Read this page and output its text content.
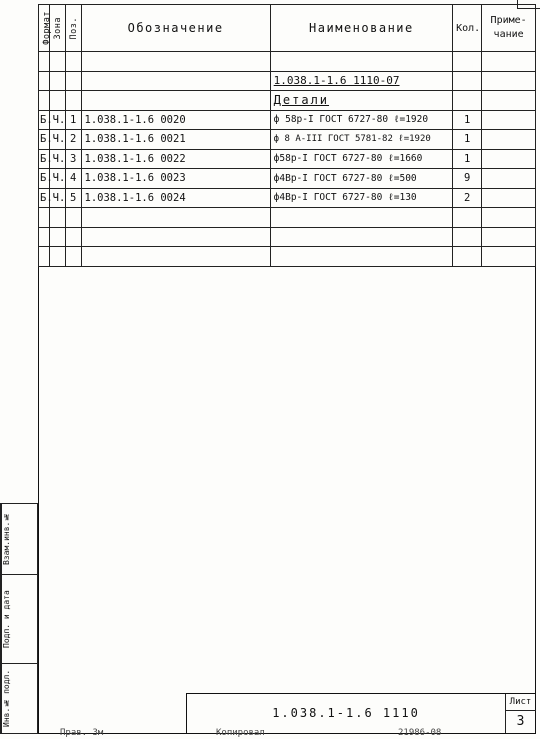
Формат	Зона	Поз.	Обозначение	Наименование	Кол.	Приме-чание

				1.038.1-1.6 1110-07		
				Детали		
Б.Ч.		1	1.038.1-1.6 0020	ф 58р-I ГОСТ 6727-80 ℓ=1920	1	
Б.Ч.		2	1.038.1-1.6 0021	ф 8 А-III ГОСТ 5781-82 ℓ=1920	1	
Б.Ч.		3	1.038.1-1.6 0022	ф58р-I ГОСТ 6727-80 ℓ=1660	1	
Б.Ч.		4	1.038.1-1.6 0023	ф4Вр-I ГОСТ 6727-80 ℓ=500	9	
Б.Ч.		5	1.038.1-1.6 0024	ф4Вр-I ГОСТ 6727-80 ℓ=130	2	

Взам.инв.№
Подп. и дата
Инв.№ подл.	1.038.1-1.6 1110
Лист
3
Прав. Зм	Копировал	21986-08
